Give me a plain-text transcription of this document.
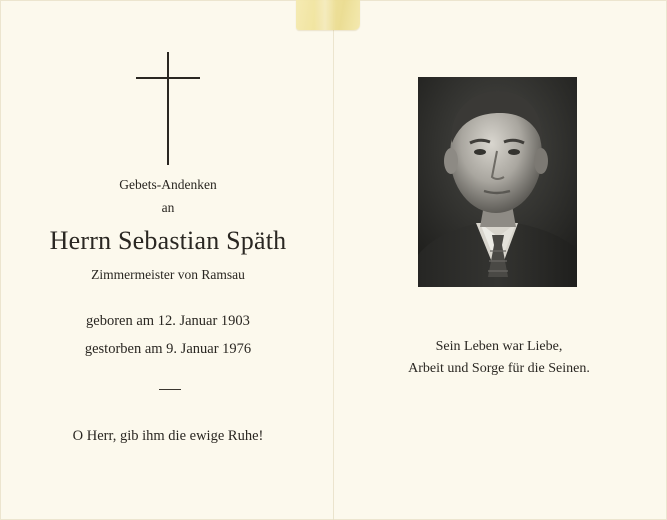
Gebets-Andenken
an
Herrn Sebastian Späth
Zimmermeister von Ramsau
geboren am 12. Januar 1903
gestorben am 9. Januar 1976
O Herr, gib ihm die ewige Ruhe!
Sein Leben war Liebe,
Arbeit und Sorge für die Seinen.
